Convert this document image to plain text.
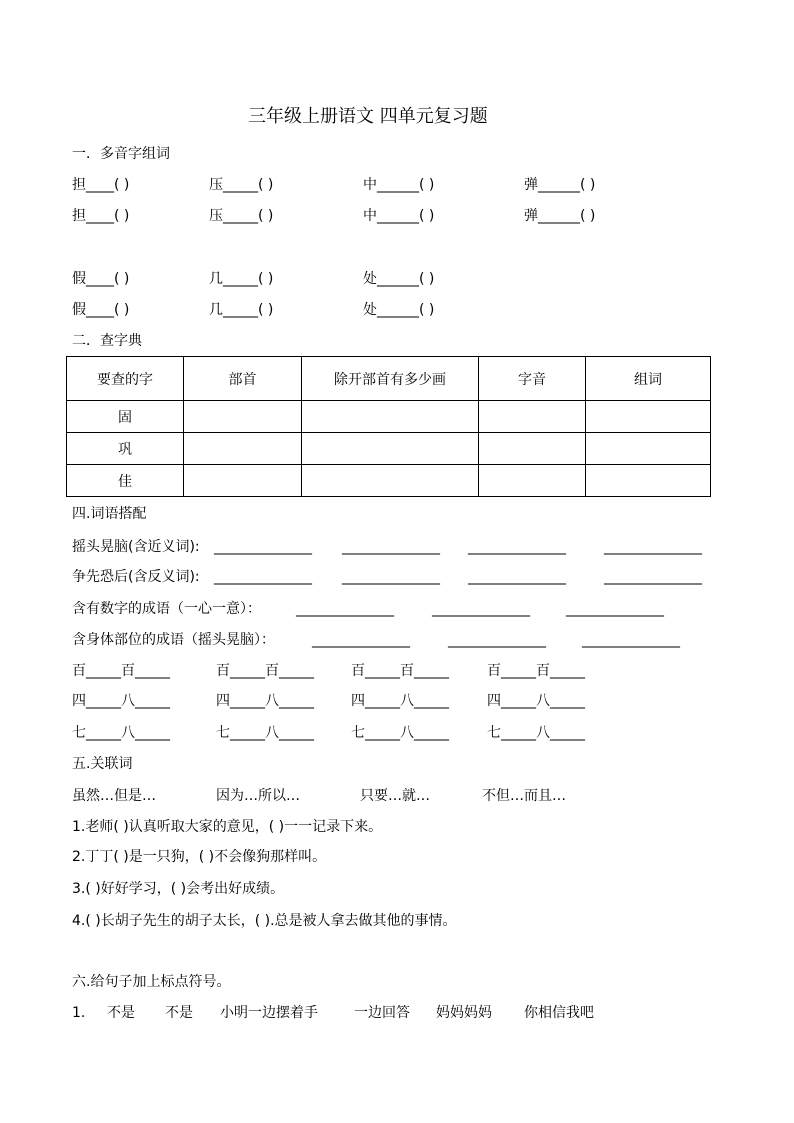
三年级上册语文 四单元复习题
一．多音字组词
担____( )	压_____( )	中______( )	弹______( )
担____( )	压_____( )	中______( )	弹______( )
假____( )	几_____( )	处______( )
假____( )	几_____( )	处______( )
二．查字典
要查的字	部首	除开部首有多少画	字音	组词
固				
巩				
佳				
四.词语搭配
摇头晃脑(含近义词): ______________ ______________ ______________	______________
争先恐后(含反义词): ______________ ______________ ______________	______________
含有数字的成语（一心一意）：	______________	______________	______________
含身体部位的成语（摇头晃脑）：	______________	______________	______________
百_____百_____	百_____百_____	百_____百_____	百_____百_____
四_____八_____	四_____八_____	四_____八_____	四_____八_____
七_____八_____	七_____八_____	七_____八_____	七_____八_____
五.关联词
虽然…但是…	因为…所以…	只要…就…	不但…而且…
1.老师( )认真听取大家的意见，( )一一记录下来。
2.丁丁( )是一只狗，( )不会像狗那样叫。
3.( )好好学习，( )会考出好成绩。
4.( )长胡子先生的胡子太长，( ).总是被人拿去做其他的事情。
六.给句子加上标点符号。
1. 不是 不是 小明一边摆着手	一边回答 妈妈妈妈 你相信我吧
